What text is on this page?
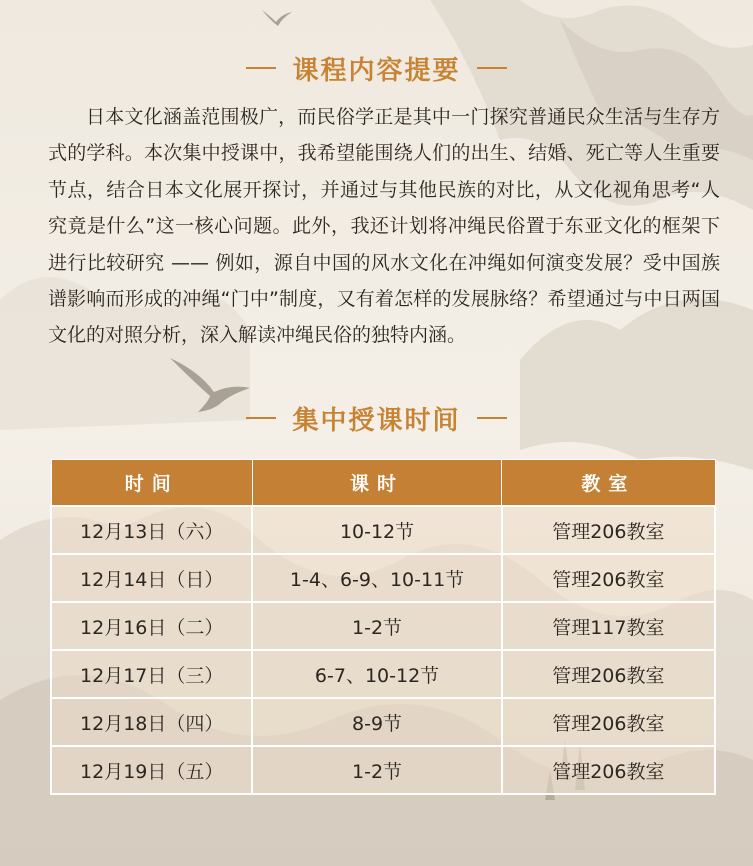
课程内容提要

日本文化涵盖范围极广，而民俗学正是其中一门探究普通民众生活与生存方式的学科。本次集中授课中，我希望能围绕人们的出生、结婚、死亡等人生重要节点，结合日本文化展开探讨，并通过与其他民族的对比，从文化视角思考“人究竟是什么”这一核心问题。此外，我还计划将冲绳民俗置于东亚文化的框架下进行比较研究 —— 例如，源自中国的风水文化在冲绳如何演变发展？受中国族谱影响而形成的冲绳“门中”制度，又有着怎样的发展脉络？希望通过与中日两国文化的对照分析，深入解读冲绳民俗的独特内涵。

集中授课时间
时间	课时	教室
12月13日（六）	10-12节	管理206教室
12月14日（日）	1-4、6-9、10-11节	管理206教室
12月16日（二）	1-2节	管理117教室
12月17日（三）	6-7、10-12节	管理206教室
12月18日（四）	8-9节	管理206教室
12月19日（五）	1-2节	管理206教室
